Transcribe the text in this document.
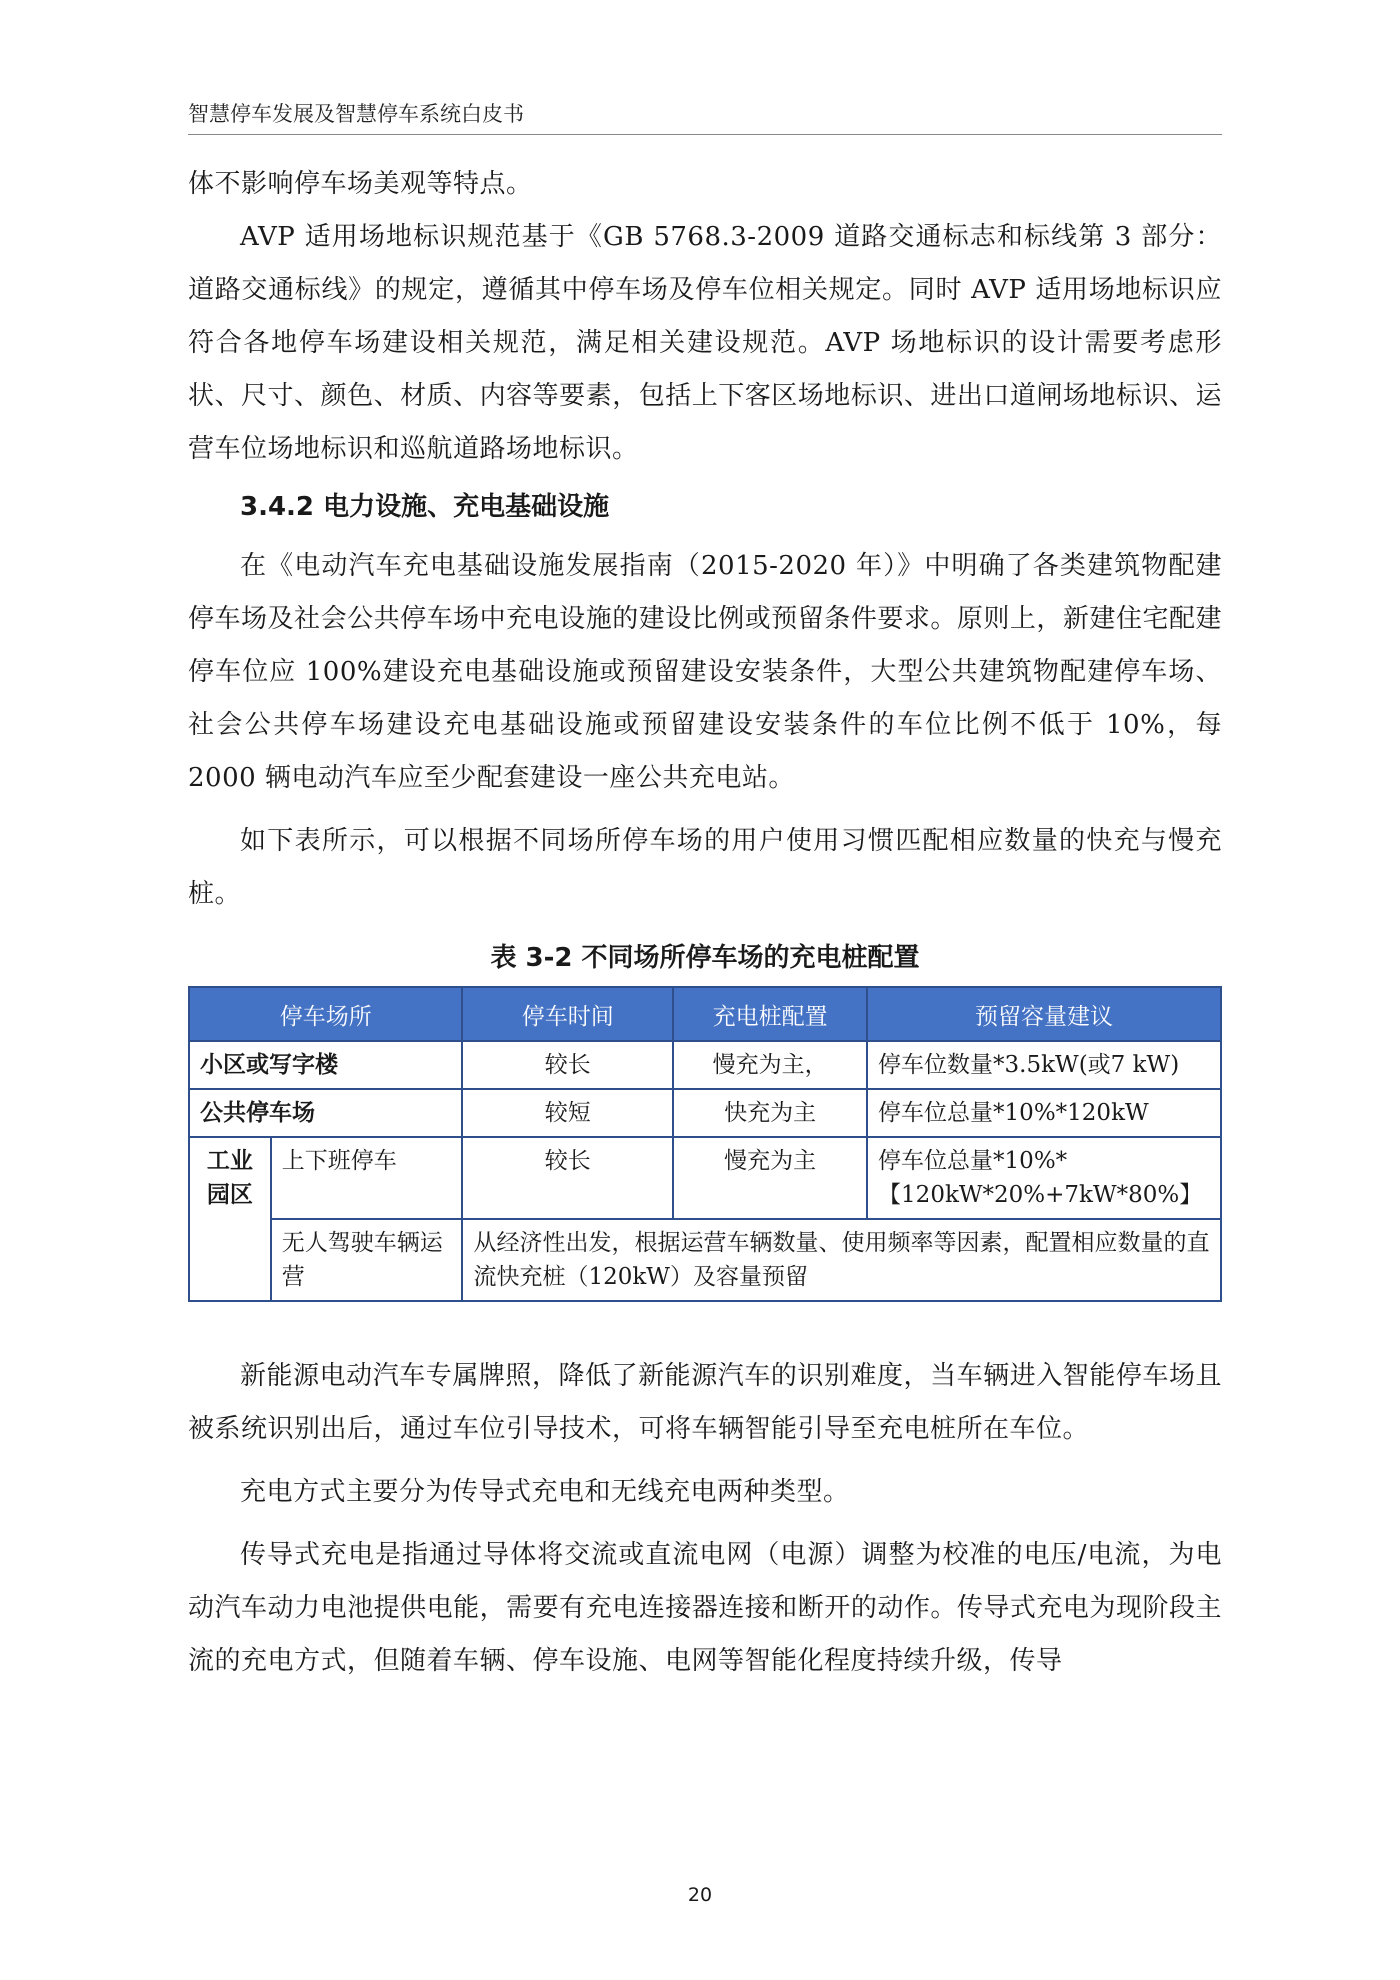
智慧停车发展及智慧停车系统白皮书

体不影响停车场美观等特点。

AVP 适用场地标识规范基于《GB 5768.3-2009 道路交通标志和标线第 3 部分：道路交通标线》的规定，遵循其中停车场及停车位相关规定。同时 AVP 适用场地标识应符合各地停车场建设相关规范，满足相关建设规范。AVP 场地标识的设计需要考虑形状、尺寸、颜色、材质、内容等要素，包括上下客区场地标识、进出口道闸场地标识、运营车位场地标识和巡航道路场地标识。

3.4.2 电力设施、充电基础设施

在《电动汽车充电基础设施发展指南（2015-2020 年）》中明确了各类建筑物配建停车场及社会公共停车场中充电设施的建设比例或预留条件要求。原则上，新建住宅配建停车位应 100%建设充电基础设施或预留建设安装条件，大型公共建筑物配建停车场、社会公共停车场建设充电基础设施或预留建设安装条件的车位比例不低于 10%，每 2000 辆电动汽车应至少配套建设一座公共充电站。

如下表所示，可以根据不同场所停车场的用户使用习惯匹配相应数量的快充与慢充桩。

表 3-2 不同场所停车场的充电桩配置
停车场所		停车时间	充电桩配置	预留容量建议
小区或写字楼		较长	慢充为主，	停车位数量*3.5kW(或7 kW)
公共停车场		较短	快充为主	停车位总量*10%*120kW
工业园区	上下班停车	较长	慢充为主	停车位总量*10%*
【120kW*20%+7kW*80%】

	无人驾驶车辆运营	从经济性出发，根据运营车辆数量、使用频率等因素，配置相应数量的直流快充桩（120kW）及容量预留		

新能源电动汽车专属牌照，降低了新能源汽车的识别难度，当车辆进入智能停车场且被系统识别出后，通过车位引导技术，可将车辆智能引导至充电桩所在车位。

充电方式主要分为传导式充电和无线充电两种类型。

传导式充电是指通过导体将交流或直流电网（电源）调整为校准的电压/电流，为电动汽车动力电池提供电能，需要有充电连接器连接和断开的动作。传导式充电为现阶段主流的充电方式，但随着车辆、停车设施、电网等智能化程度持续升级，传导

20
